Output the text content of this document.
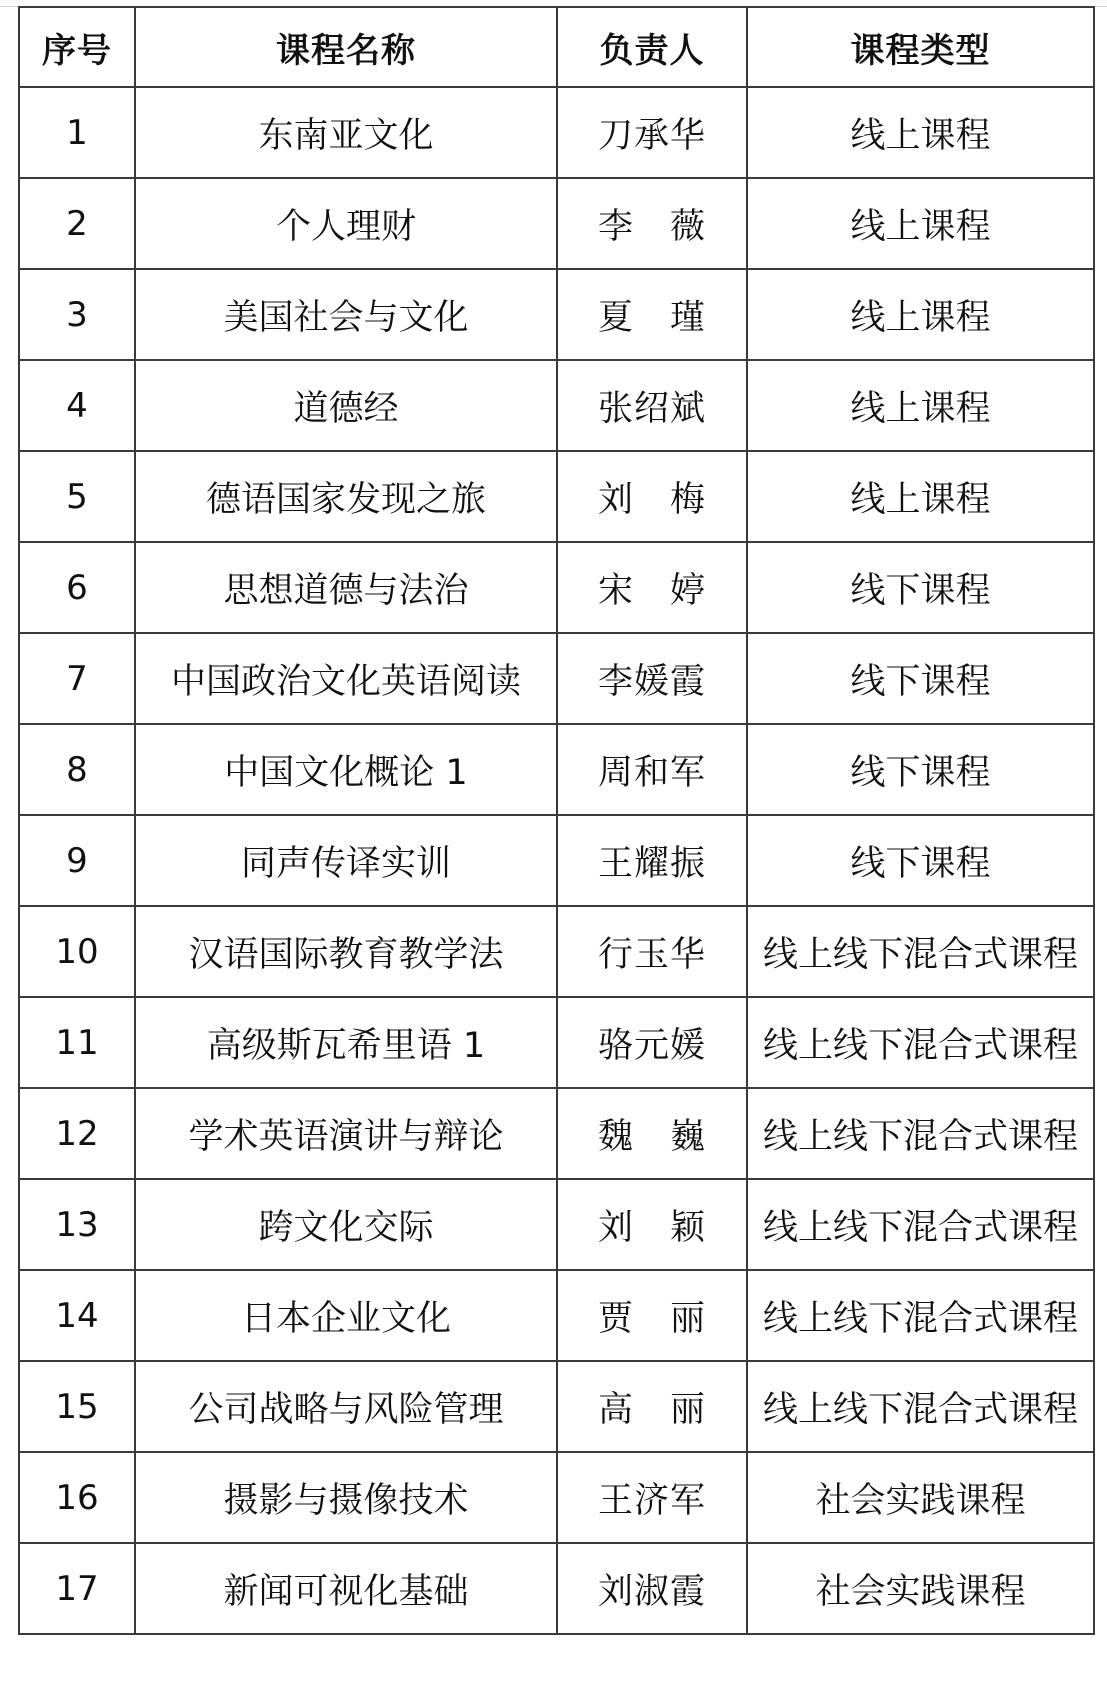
序号	课程名称	负责人	课程类型
1	东南亚文化	刀承华	线上课程
2	个人理财	李　薇	线上课程
3	美国社会与文化	夏　瑾	线上课程
4	道德经	张绍斌	线上课程
5	德语国家发现之旅	刘　梅	线上课程
6	思想道德与法治	宋　婷	线下课程
7	中国政治文化英语阅读	李媛霞	线下课程
8	中国文化概论 1	周和军	线下课程
9	同声传译实训	王耀振	线下课程
10	汉语国际教育教学法	行玉华	线上线下混合式课程
11	高级斯瓦希里语 1	骆元媛	线上线下混合式课程
12	学术英语演讲与辩论	魏　巍	线上线下混合式课程
13	跨文化交际	刘　颖	线上线下混合式课程
14	日本企业文化	贾　丽	线上线下混合式课程
15	公司战略与风险管理	高　丽	线上线下混合式课程
16	摄影与摄像技术	王济军	社会实践课程
17	新闻可视化基础	刘淑霞	社会实践课程
